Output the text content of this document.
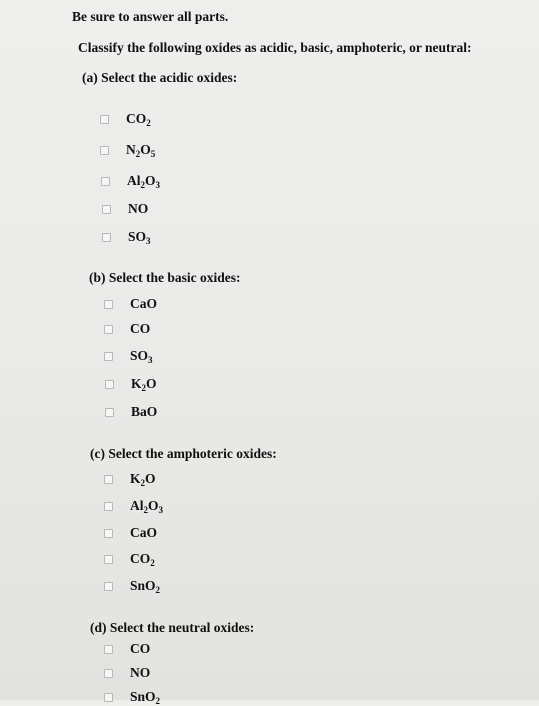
Be sure to answer all parts.
Classify the following oxides as acidic, basic, amphoteric, or neutral:
(a) Select the acidic oxides:
$CO_2$
$N_2O_5$
$Al_2O_3$
NO
$SO_3$
(b) Select the basic oxides:
CaO
CO
$SO_3$
$K_2O$
BaO
(c) Select the amphoteric oxides:
$K_2O$
$Al_2O_3$
CaO
$CO_2$
SnO$_2$
(d) Select the neutral oxides:
CO
NO
SnO$_2$
